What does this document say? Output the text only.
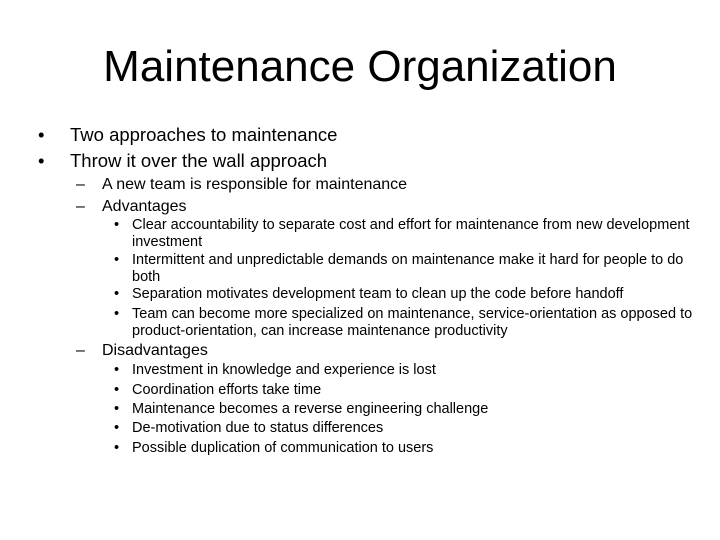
Maintenance Organization
•	Two approaches to maintenance
•	Throw it over the wall approach
–	A new team is responsible for maintenance
–	Advantages
• Clear accountability to separate cost and effort for maintenance from new development investment
• Intermittent and unpredictable demands on maintenance make it hard for people to do both
• Separation motivates development team to clean up the code before handoff
• Team can become more specialized on maintenance, service-orientation as opposed to product-orientation, can increase maintenance productivity
–	Disadvantages
• Investment in knowledge and experience is lost
• Coordination efforts take time
• Maintenance becomes a reverse engineering challenge
• De-motivation due to status differences
• Possible duplication of communication to users
